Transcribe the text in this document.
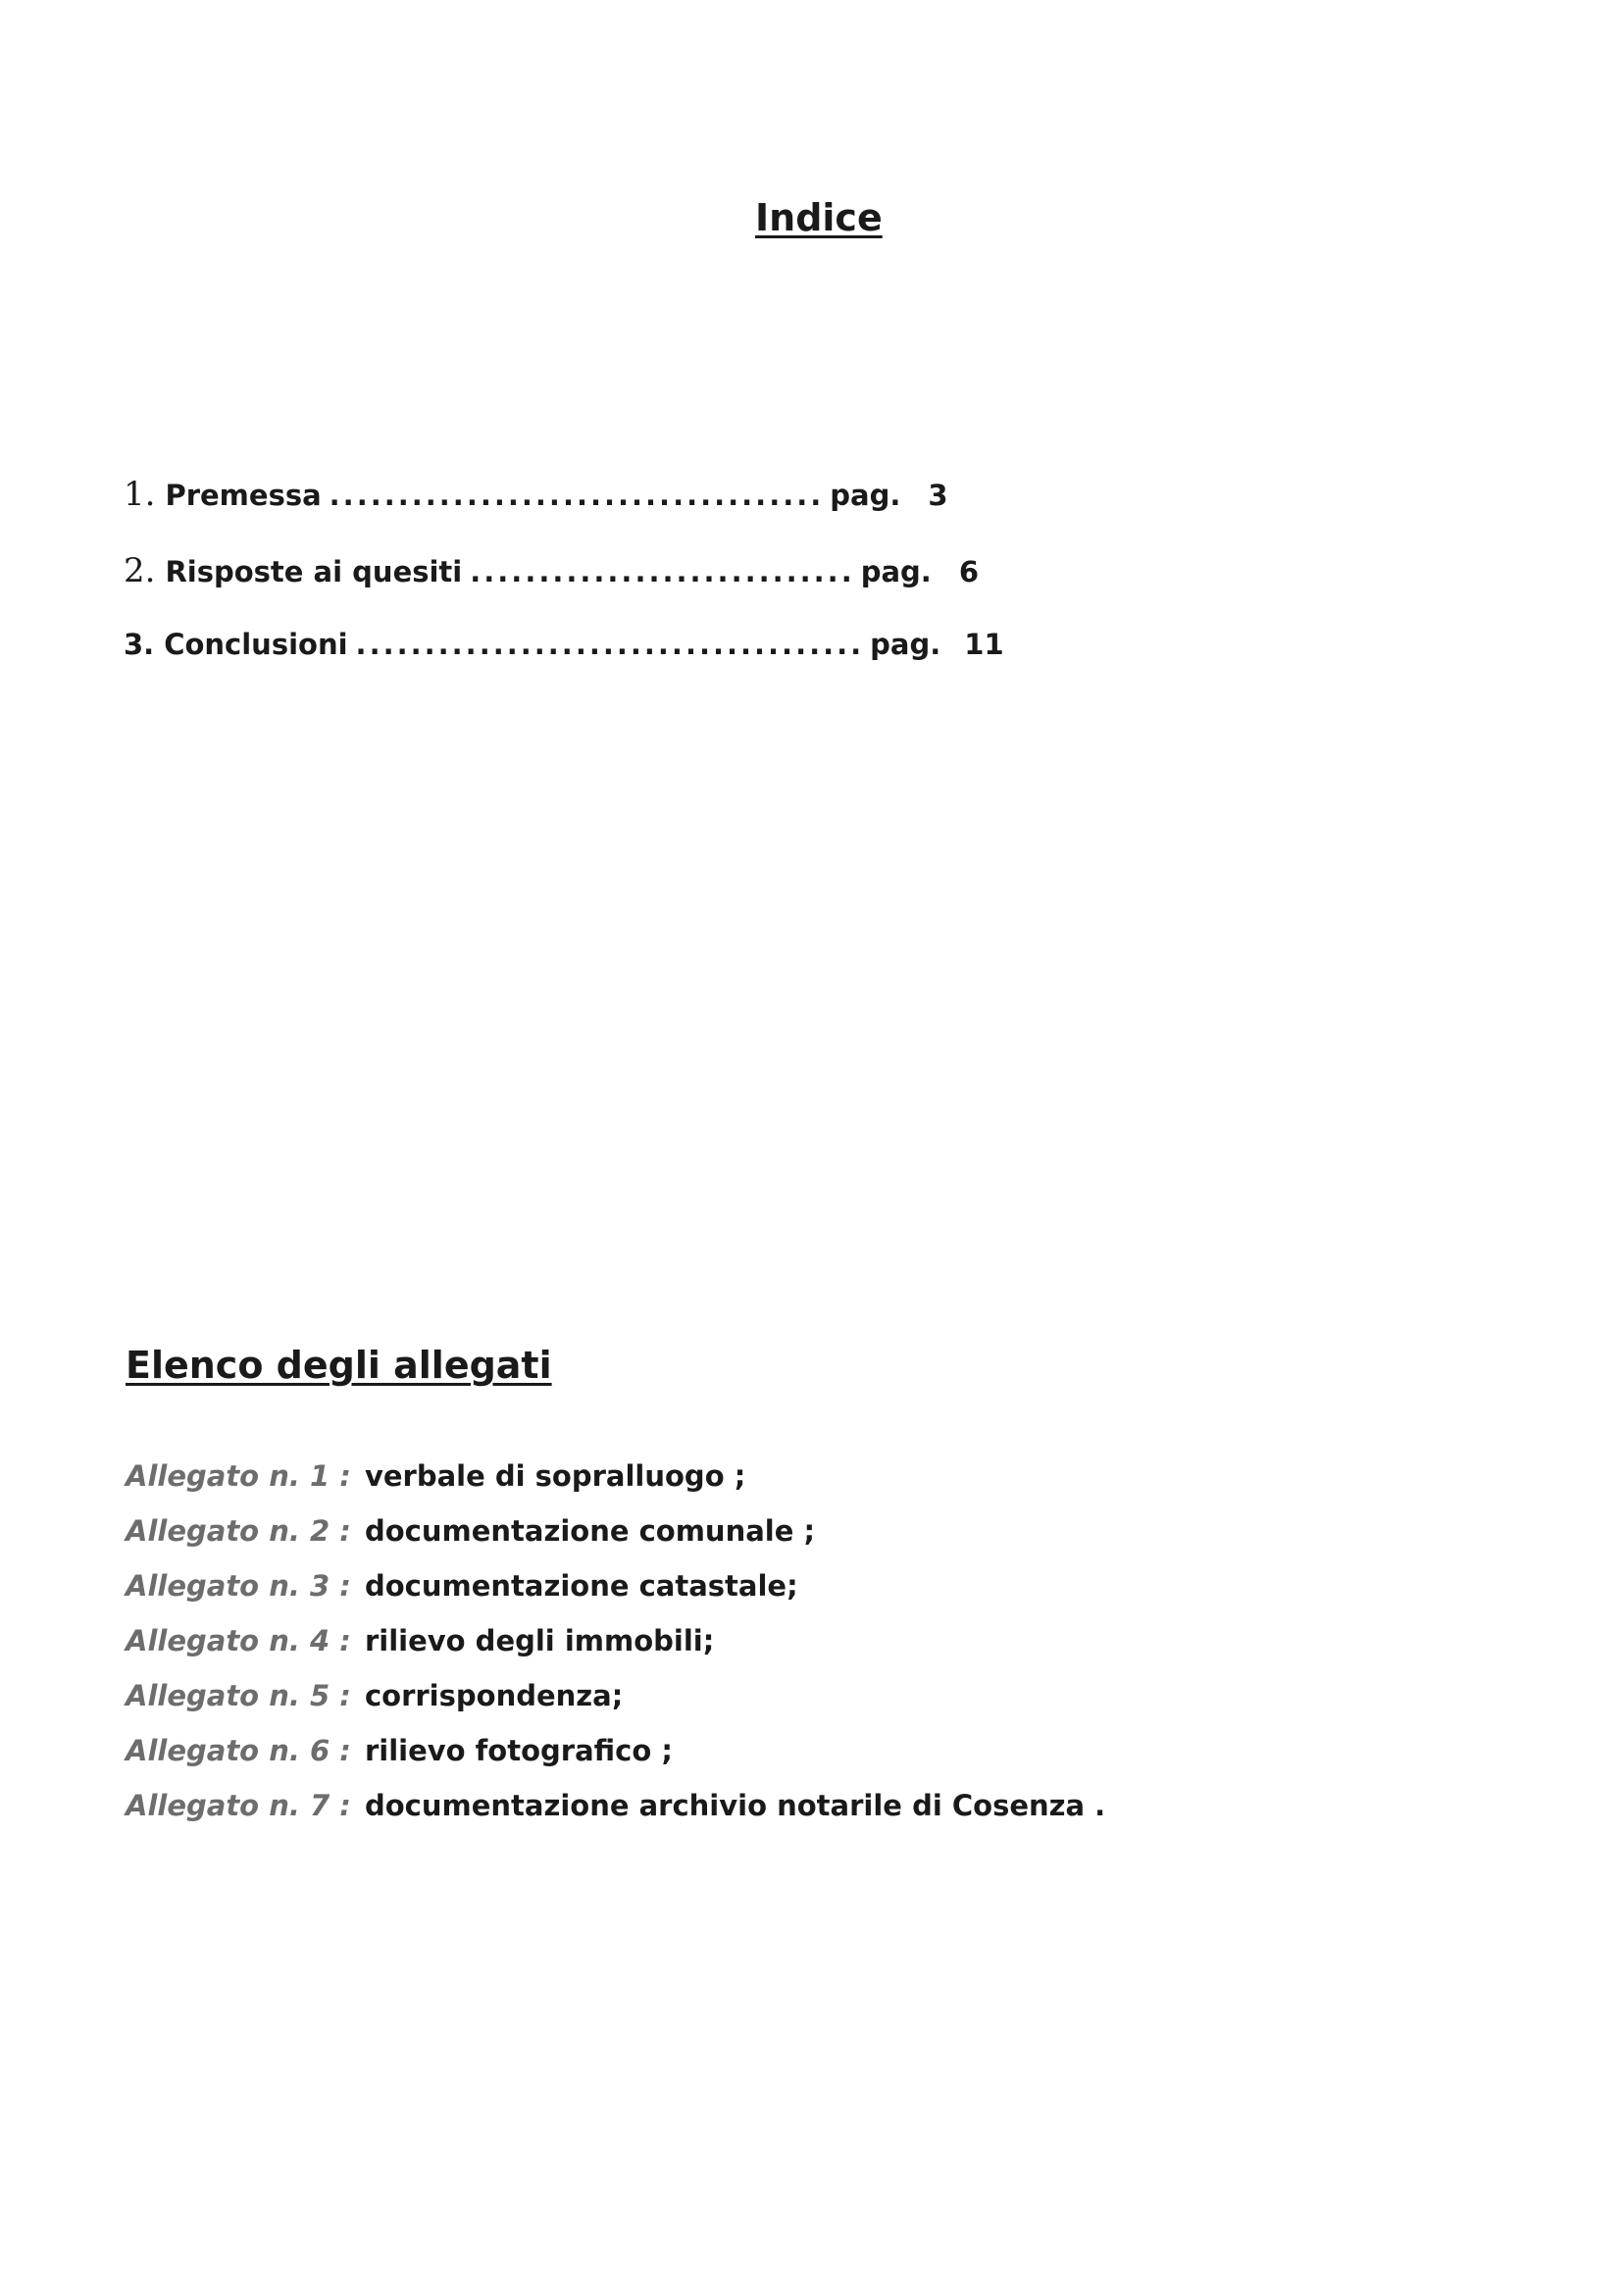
Indice
1. Premessa .................................... pag. 3
2. Risposte ai quesiti ............................ pag. 6
3. Conclusioni ..................................... pag. 11
Elenco degli allegati
Allegato n. 1 : verbale di sopralluogo ;
Allegato n. 2 : documentazione comunale ;
Allegato n. 3 : documentazione catastale;
Allegato n. 4 : rilievo degli immobili;
Allegato n. 5 : corrispondenza;
Allegato n. 6 : rilievo fotografico ;
Allegato n. 7 : documentazione archivio notarile di Cosenza .
